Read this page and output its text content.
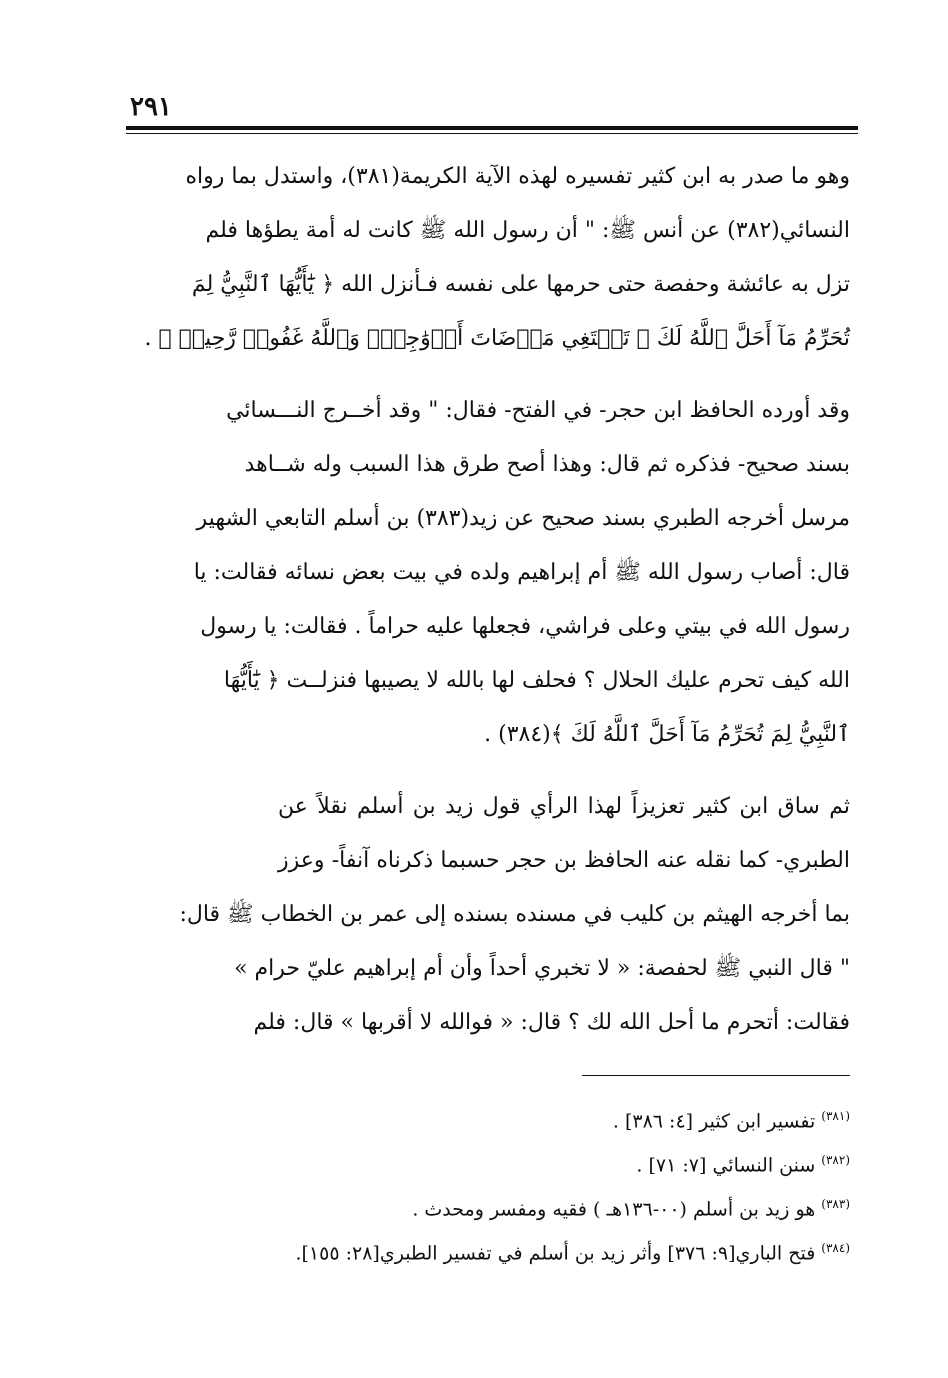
٢٩١
وهو ما صدر به ابن كثير تفسيره لهذه الآية الكريمة(٣٨١)، واستدل بما رواه
النسائي(٣٨٢) عن أنس ﷺ: " أن رسول الله ﷺ كانت له أمة يطؤها فلم
تزل به عائشة وحفصة حتى حرمها على نفسه فـأنزل الله ﴿ يَٰٓأَيُّهَا ٱلنَّبِيُّ لِمَ
تُحَرِّمُ مَآ أَحَلَّ ٱللَّهُ لَكَ ۖ تَبۡتَغِي مَرۡضَاتَ أَزۡوَٰجِكَۚ وَٱللَّهُ غَفُورٞ رَّحِيمٞ ﴾ .
وقد أورده الحافظ ابن حجر- في الفتح- فقال: " وقد أخــرج النـــسائي
بسند صحيح- فذكره ثم قال: وهذا أصح طرق هذا السبب وله شــاهد
مرسل أخرجه الطبري بسند صحيح عن زيد(٣٨٣) بن أسلم التابعي الشهير
قال: أصاب رسول الله ﷺ أم إبراهيم ولده في بيت بعض نسائه فقالت: يا
رسول الله في بيتي وعلى فراشي، فجعلها عليه حراماً . فقالت: يا رسول
الله كيف تحرم عليك الحلال ؟ فحلف لها بالله لا يصيبها فنزلــت ﴿ يَٰٓأَيُّهَا
ٱلنَّبِيُّ لِمَ تُحَرِّمُ مَآ أَحَلَّ ٱللَّهُ لَكَ ﴾(٣٨٤) .
ثم ساق ابن كثير تعزيزاً لهذا الرأي قول زيد بن أسلم نقلاً عن
الطبري- كما نقله عنه الحافظ بن حجر حسبما ذكرناه آنفاً- وعزز
بما أخرجه الهيثم بن كليب في مسنده بسنده إلى عمر بن الخطاب ﷺ قال:
" قال النبي ﷺ لحفصة: « لا تخبري أحداً وأن أم إبراهيم عليّ حرام »
فقالت: أتحرم ما أحل الله لك ؟ قال: « فوالله لا أقربها » قال: فلم
$^{(٣٨١)}$تفسير ابن كثير [٤: ٣٨٦] .
$^{(٣٨٢)}$سنن النسائي [٧: ٧١] .
$^{(٣٨٣)}$هو زيد بن أسلم (٠٠-١٣٦هـ ) فقيه ومفسر ومحدث .
$^{(٣٨٤)}$فتح الباري[٩: ٣٧٦] وأثر زيد بن أسلم في تفسير الطبري[٢٨: ١٥٥].
